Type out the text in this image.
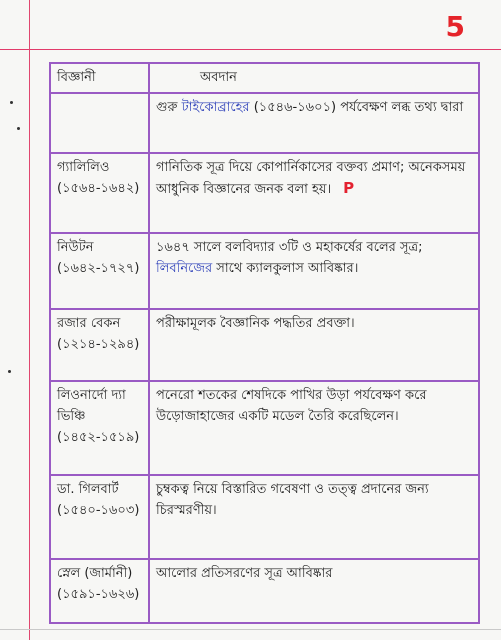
5
বিজ্ঞানী	অবদান
	গুরু টাইকোব্রাহের (১৫৪৬-১৬০১) পর্যবেক্ষণ লব্ধ তথ্য দ্বারা
গ্যালিলিও (১৫৬৪-১৬৪২)	গানিতিক সূত্র দিয়ে কোপার্নিকাসের বক্তব্য প্রমাণ; অনেকসময় আধুনিক বিজ্ঞানের জনক বলা হয়। P
নিউটন (১৬৪২-১৭২৭)	১৬৪৭ সালে বলবিদ্যার ৩টি ও মহাকর্ষের বলের সূত্র; লিবনিজের সাথে ক্যালকুলাস আবিষ্কার।
রজার বেকন (১২১৪-১২৯৪)	পরীক্ষামূলক বৈজ্ঞানিক পদ্ধতির প্রবক্তা।
লিওনার্দো দ্যা ভিঞ্চি (১৪৫২-১৫১৯)	পনেরো শতকের শেষদিকে পাখির উড়া পর্যবেক্ষণ করে উড়োজাহাজের একটি মডেল তৈরি করেছিলেন।
ডা. গিলবার্ট (১৫৪০-১৬০৩)	চুম্বকত্ব নিয়ে বিস্তারিত গবেষণা ও তত্ত্ব প্রদানের জন্য চিরস্মরণীয়।
স্নেল (জার্মানী) (১৫৯১-১৬২৬)	আলোর প্রতিসরণের সূত্র আবিষ্কার
